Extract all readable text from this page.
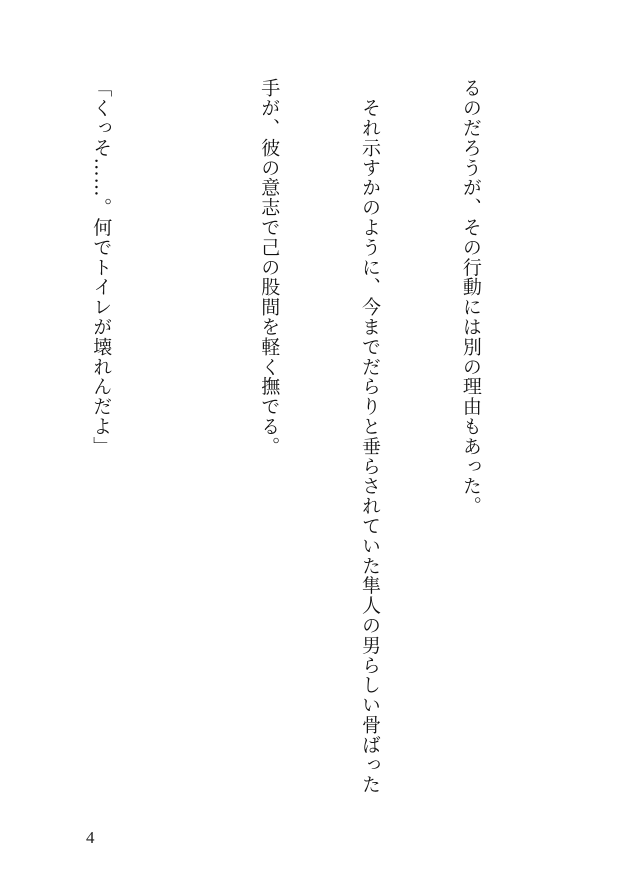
るのだろうが、その行動には別の理由もあった。

　それ示すかのように、今までだらりと垂らされていた隼人の男らしい骨ばった

手が、彼の意志で己の股間を軽く撫でる。

「くっそ……。何でトイレが壊れんだよ」

4
